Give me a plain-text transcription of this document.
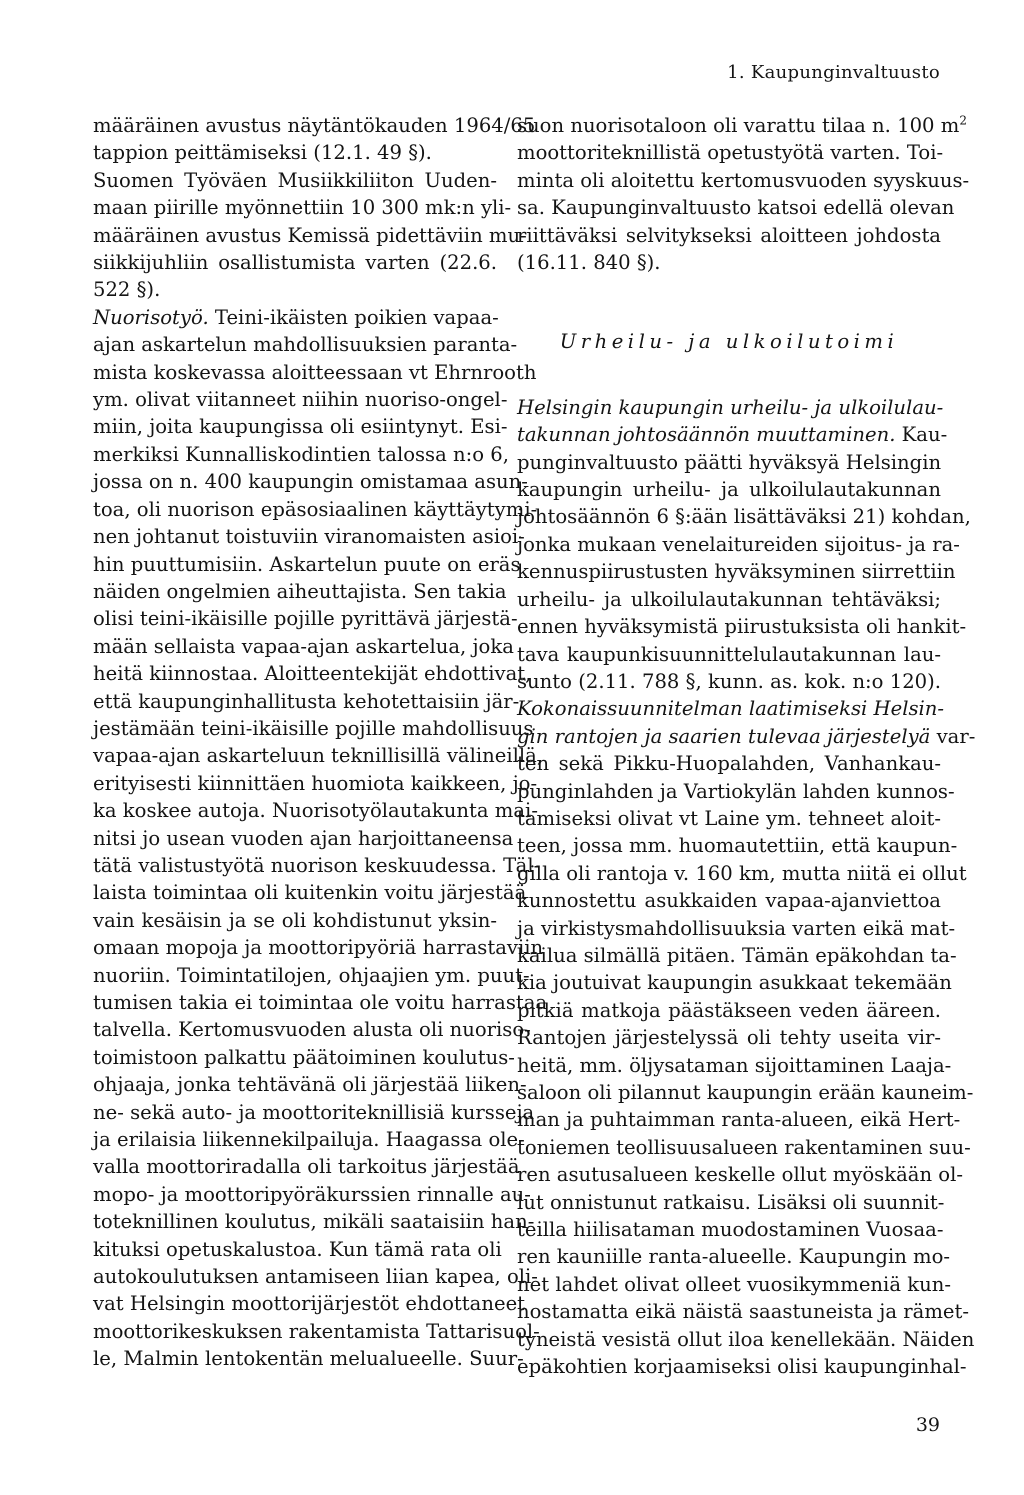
1. Kaupunginvaltuusto
määräinen avustus näytäntökauden 1964/65
tappion peittämiseksi (12.1. 49 §).
Suomen Työväen Musiikkiliiton Uuden-
maan piirille myönnettiin 10 300 mk:n yli-
määräinen avustus Kemissä pidettäviin mu-
siikkijuhliin osallistumista varten (22.6.
522 §).
Nuorisotyö. Teini-ikäisten poikien vapaa-
ajan askartelun mahdollisuuksien paranta-
mista koskevassa aloitteessaan vt Ehrnrooth
ym. olivat viitanneet niihin nuoriso-ongel-
miin, joita kaupungissa oli esiintynyt. Esi-
merkiksi Kunnalliskodintien talossa n:o 6,
jossa on n. 400 kaupungin omistamaa asun-
toa, oli nuorison epäsosiaalinen käyttäytymi-
nen johtanut toistuviin viranomaisten asioi-
hin puuttumisiin. Askartelun puute on eräs
näiden ongelmien aiheuttajista. Sen takia
olisi teini-ikäisille pojille pyrittävä järjestä-
mään sellaista vapaa-ajan askartelua, joka
heitä kiinnostaa. Aloitteentekijät ehdottivat,
että kaupunginhallitusta kehotettaisiin jär-
jestämään teini-ikäisille pojille mahdollisuus
vapaa-ajan askarteluun teknillisillä välineillä,
erityisesti kiinnittäen huomiota kaikkeen, jo-
ka koskee autoja. Nuorisotyölautakunta mai-
nitsi jo usean vuoden ajan harjoittaneensa
tätä valistustyötä nuorison keskuudessa. Täl-
laista toimintaa oli kuitenkin voitu järjestää
vain kesäisin ja se oli kohdistunut yksin-
omaan mopoja ja moottoripyöriä harrastaviin
nuoriin. Toimintatilojen, ohjaajien ym. puut-
tumisen takia ei toimintaa ole voitu harrastaa
talvella. Kertomusvuoden alusta oli nuoriso-
toimistoon palkattu päätoiminen koulutus-
ohjaaja, jonka tehtävänä oli järjestää liiken-
ne- sekä auto- ja moottoriteknillisiä kursseja
ja erilaisia liikennekilpailuja. Haagassa ole-
valla moottoriradalla oli tarkoitus järjestää
mopo- ja moottoripyöräkurssien rinnalle au-
toteknillinen koulutus, mikäli saataisiin han-
kituksi opetuskalustoa. Kun tämä rata oli
autokoulutuksen antamiseen liian kapea, oli-
vat Helsingin moottorijärjestöt ehdottaneet
moottorikeskuksen rakentamista Tattarisuol-
le, Malmin lentokentän melualueelle. Suur-
suon nuorisotaloon oli varattu tilaa n. 100 $m^2$
moottoriteknillistä opetustyötä varten. Toi-
minta oli aloitettu kertomusvuoden syyskuus-
sa. Kaupunginvaltuusto katsoi edellä olevan
riittäväksi selvitykseksi aloitteen johdosta
(16.11. 840 §).
Urheilu- ja ulkoilutoimi
Helsingin kaupungin urheilu- ja ulkoilulau-
takunnan johtosäännön muuttaminen. Kau-
punginvaltuusto päätti hyväksyä Helsingin
kaupungin urheilu- ja ulkoilulautakunnan
johtosäännön 6 §:ään lisättäväksi 21) kohdan,
jonka mukaan venelaitureiden sijoitus- ja ra-
kennuspiirustusten hyväksyminen siirrettiin
urheilu- ja ulkoilulautakunnan tehtäväksi;
ennen hyväksymistä piirustuksista oli hankit-
tava kaupunkisuunnittelulautakunnan lau-
sunto (2.11. 788 §, kunn. as. kok. n:o 120).
Kokonaissuunnitelman laatimiseksi Helsin-
gin rantojen ja saarien tulevaa järjestelyä var-
ten sekä Pikku-Huopalahden, Vanhankau-
punginlahden ja Vartiokylän lahden kunnos-
tamiseksi olivat vt Laine ym. tehneet aloit-
teen, jossa mm. huomautettiin, että kaupun-
gilla oli rantoja v. 160 km, mutta niitä ei ollut
kunnostettu asukkaiden vapaa-ajanviettoa
ja virkistysmahdollisuuksia varten eikä mat-
kailua silmällä pitäen. Tämän epäkohdan ta-
kia joutuivat kaupungin asukkaat tekemään
pitkiä matkoja päästäkseen veden ääreen.
Rantojen järjestelyssä oli tehty useita vir-
heitä, mm. öljysataman sijoittaminen Laaja-
saloon oli pilannut kaupungin erään kauneim-
man ja puhtaimman ranta-alueen, eikä Hert-
toniemen teollisuusalueen rakentaminen suu-
ren asutusalueen keskelle ollut myöskään ol-
lut onnistunut ratkaisu. Lisäksi oli suunnit-
teilla hiilisataman muodostaminen Vuosaa-
ren kauniille ranta-alueelle. Kaupungin mo-
net lahdet olivat olleet vuosikymmeniä kun-
nostamatta eikä näistä saastuneista ja rämet-
tyneistä vesistä ollut iloa kenellekään. Näiden
epäkohtien korjaamiseksi olisi kaupunginhal-
39
